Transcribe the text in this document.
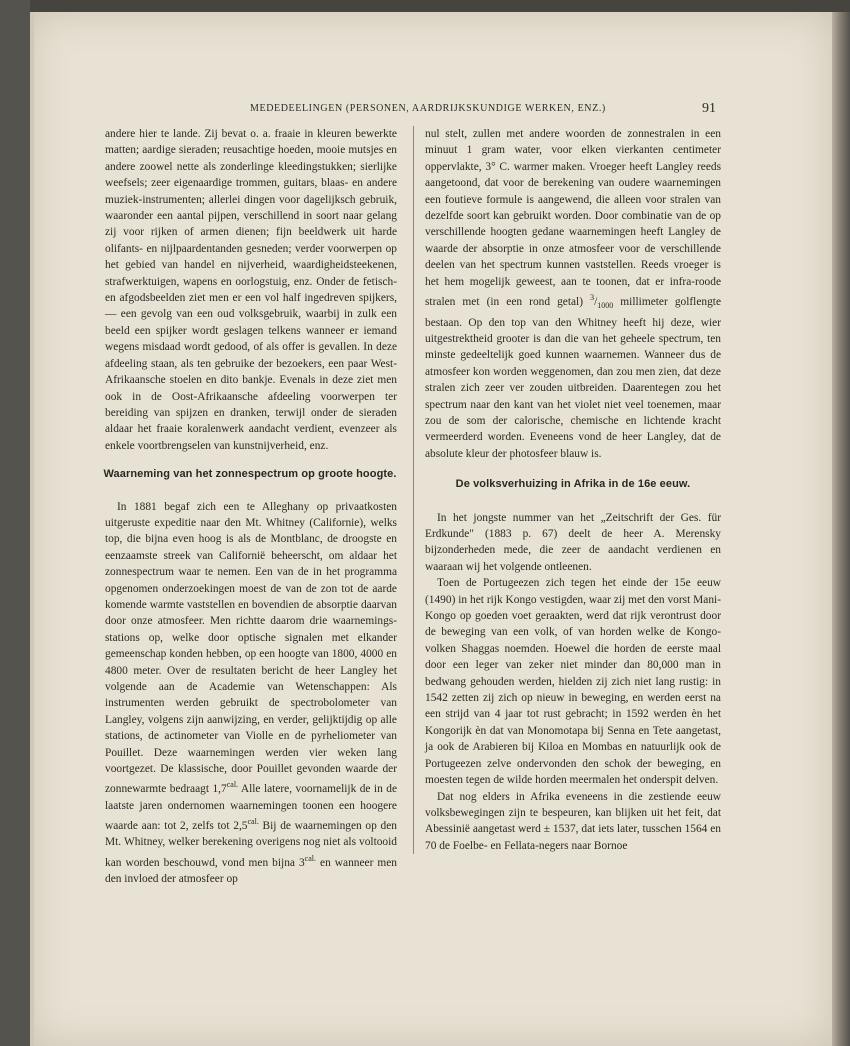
MEDEDEELINGEN (PERSONEN, AARDRIJKSKUNDIGE WERKEN, ENZ.)	91

andere hier te lande. Zij bevat o. a. fraaie in kleuren bewerkte matten; aardige sieraden; reusachtige hoeden, mooie mutsjes en andere zoowel nette als zonderlinge kleedingstukken; sierlijke weefsels; zeer eigenaardige trommen, guitars, blaas- en andere muziek-instrumenten; allerlei dingen voor dagelijksch gebruik, waaronder een aantal pijpen, verschillend in soort naar gelang zij voor rijken of armen dienen; fijn beeldwerk uit harde olifants- en nijlpaardentanden gesneden; verder voorwerpen op het gebied van handel en nijverheid, waardigheidsteekenen, strafwerktuigen, wapens en oorlogstuig, enz. Onder de fetisch- en afgodsbeelden ziet men er een vol half ingedreven spijkers, — een gevolg van een oud volksgebruik, waarbij in zulk een beeld een spijker wordt geslagen telkens wanneer er iemand wegens misdaad wordt gedood, of als offer is gevallen. In deze afdeeling staan, als ten gebruike der bezoekers, een paar West-Afrikaansche stoelen en dito bankje. Evenals in deze ziet men ook in de Oost-Afrikaansche afdeeling voorwerpen ter bereiding van spijzen en dranken, terwijl onder de sieraden aldaar het fraaie koralenwerk aandacht verdient, evenzeer als enkele voortbrengselen van kunstnijverheid, enz.

Waarneming van het zonnespectrum op groote hoogte.

In 1881 begaf zich een te Alleghany op privaatkosten uitgeruste expeditie naar den Mt. Whitney (Californie), welks top, die bijna even hoog is als de Montblanc, de droogste en eenzaamste streek van Californië beheerscht, om aldaar het zonnespectrum waar te nemen. Een van de in het programma opgenomen onderzoekingen moest de van de zon tot de aarde komende warmte vaststellen en bovendien de absorptie daarvan door onze atmosfeer. Men richtte daarom drie waarnemings-stations op, welke door optische signalen met elkander gemeenschap konden hebben, op een hoogte van 1800, 4000 en 4800 meter. Over de resultaten bericht de heer Langley het volgende aan de Academie van Wetenschappen: Als instrumenten werden gebruikt de spectrobolometer van Langley, volgens zijn aanwijzing, en verder, gelijktijdig op alle stations, de actinometer van Violle en de pyrheliometer van Pouillet. Deze waarnemingen werden vier weken lang voortgezet. De klassische, door Pouillet gevonden waarde der zonnewarmte bedraagt $1,7^{cal.}$ Alle latere, voornamelijk de in de laatste jaren ondernomen waarnemingen toonen een hoogere waarde aan: tot 2, zelfs tot $2,5^{cal.}$ Bij de waarnemingen op den Mt. Whitney, welker berekening overigens nog niet als voltooid kan worden beschouwd, vond men bijna $3^{cal.}$ en wanneer men den invloed der atmosfeer op

nul stelt, zullen met andere woorden de zonnestralen in een minuut 1 gram water, voor elken vierkanten centimeter oppervlakte, 3° C. warmer maken. Vroeger heeft Langley reeds aangetoond, dat voor de berekening van oudere waarnemingen een foutieve formule is aangewend, die alleen voor stralen van dezelfde soort kan gebruikt worden. Door combinatie van de op verschillende hoogten gedane waarnemingen heeft Langley de waarde der absorptie in onze atmosfeer voor de verschillende deelen van het spectrum kunnen vaststellen. Reeds vroeger is het hem mogelijk geweest, aan te toonen, dat er infra-roode stralen met (in een rond getal) $^3/_{1000}$ millimeter golflengte bestaan. Op den top van den Whitney heeft hij deze, wier uitgestrektheid grooter is dan die van het geheele spectrum, ten minste gedeeltelijk goed kunnen waarnemen. Wanneer dus de atmosfeer kon worden weggenomen, dan zou men zien, dat deze stralen zich zeer ver zouden uitbreiden. Daarentegen zou het spectrum naar den kant van het violet niet veel toenemen, maar zou de som der calorische, chemische en lichtende kracht vermeerderd worden. Eveneens vond de heer Langley, dat de absolute kleur der photosfeer blauw is.

De volksverhuizing in Afrika in de 16e eeuw.

In het jongste nummer van het „Zeitschrift der Ges. für Erdkunde" (1883 p. 67) deelt de heer A. Merensky bijzonderheden mede, die zeer de aandacht verdienen en waaraan wij het volgende ontleenen.

Toen de Portugeezen zich tegen het einde der 15e eeuw (1490) in het rijk Kongo vestigden, waar zij met den vorst Mani-Kongo op goeden voet geraakten, werd dat rijk verontrust door de beweging van een volk, of van horden welke de Kongo-volken Shaggas noemden. Hoewel die horden de eerste maal door een leger van zeker niet minder dan 80,000 man in bedwang gehouden werden, hielden zij zich niet lang rustig: in 1542 zetten zij zich op nieuw in beweging, en werden eerst na een strijd van 4 jaar tot rust gebracht; in 1592 werden èn het Kongorijk èn dat van Monomotapa bij Senna en Tete aangetast, ja ook de Arabieren bij Kiloa en Mombas en natuurlijk ook de Portugeezen zelve ondervonden den schok der beweging, en moesten tegen de wilde horden meermalen het onderspit delven.

Dat nog elders in Afrika eveneens in die zestiende eeuw volksbewegingen zijn te bespeuren, kan blijken uit het feit, dat Abessinië aangetast werd ± 1537, dat iets later, tusschen 1564 en 70 de Foelbe- en Fellata-negers naar Bornoe
